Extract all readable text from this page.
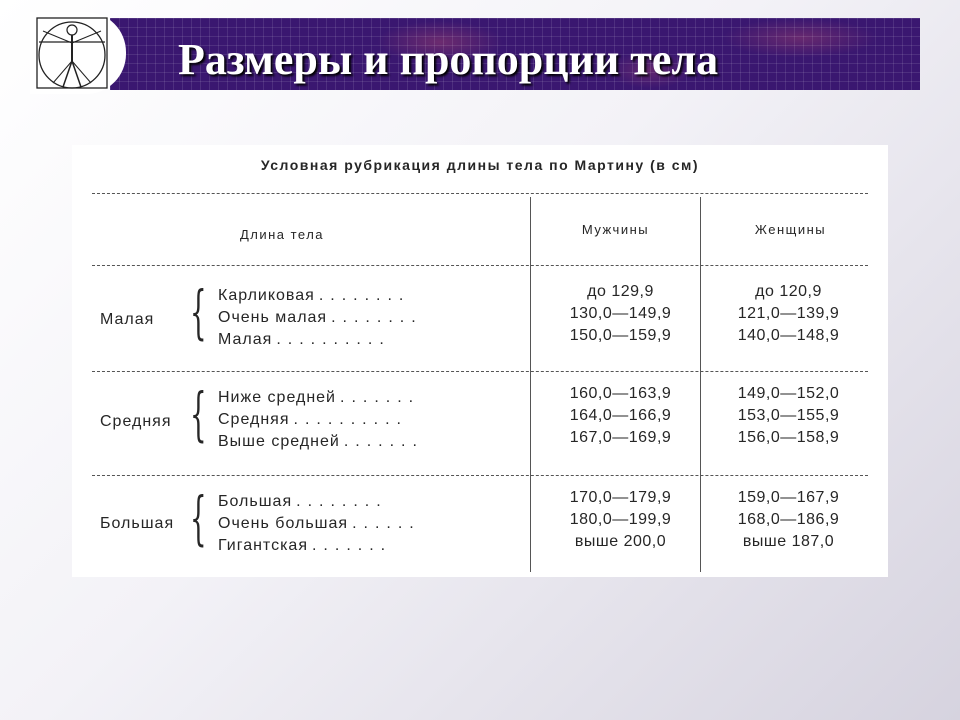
Размеры и пропорции тела
Условная рубрикация длины тела по Мартину (в см)
Длина тела	Мужчины	Женщины
Малая { Карликовая ........
Очень малая ........
Малая ..........
до 129,9
130,0—149,9
150,0—159,9
до 120,9
121,0—139,9
140,0—148,9
Средняя { Ниже средней .......
Средняя ..........
Выше средней .......
160,0—163,9
164,0—166,9
167,0—169,9
149,0—152,0
153,0—155,9
156,0—158,9
Большая { Большая ........
Очень большая ......
Гигантская .......
170,0—179,9
180,0—199,9
выше 200,0
159,0—167,9
168,0—186,9
выше 187,0
